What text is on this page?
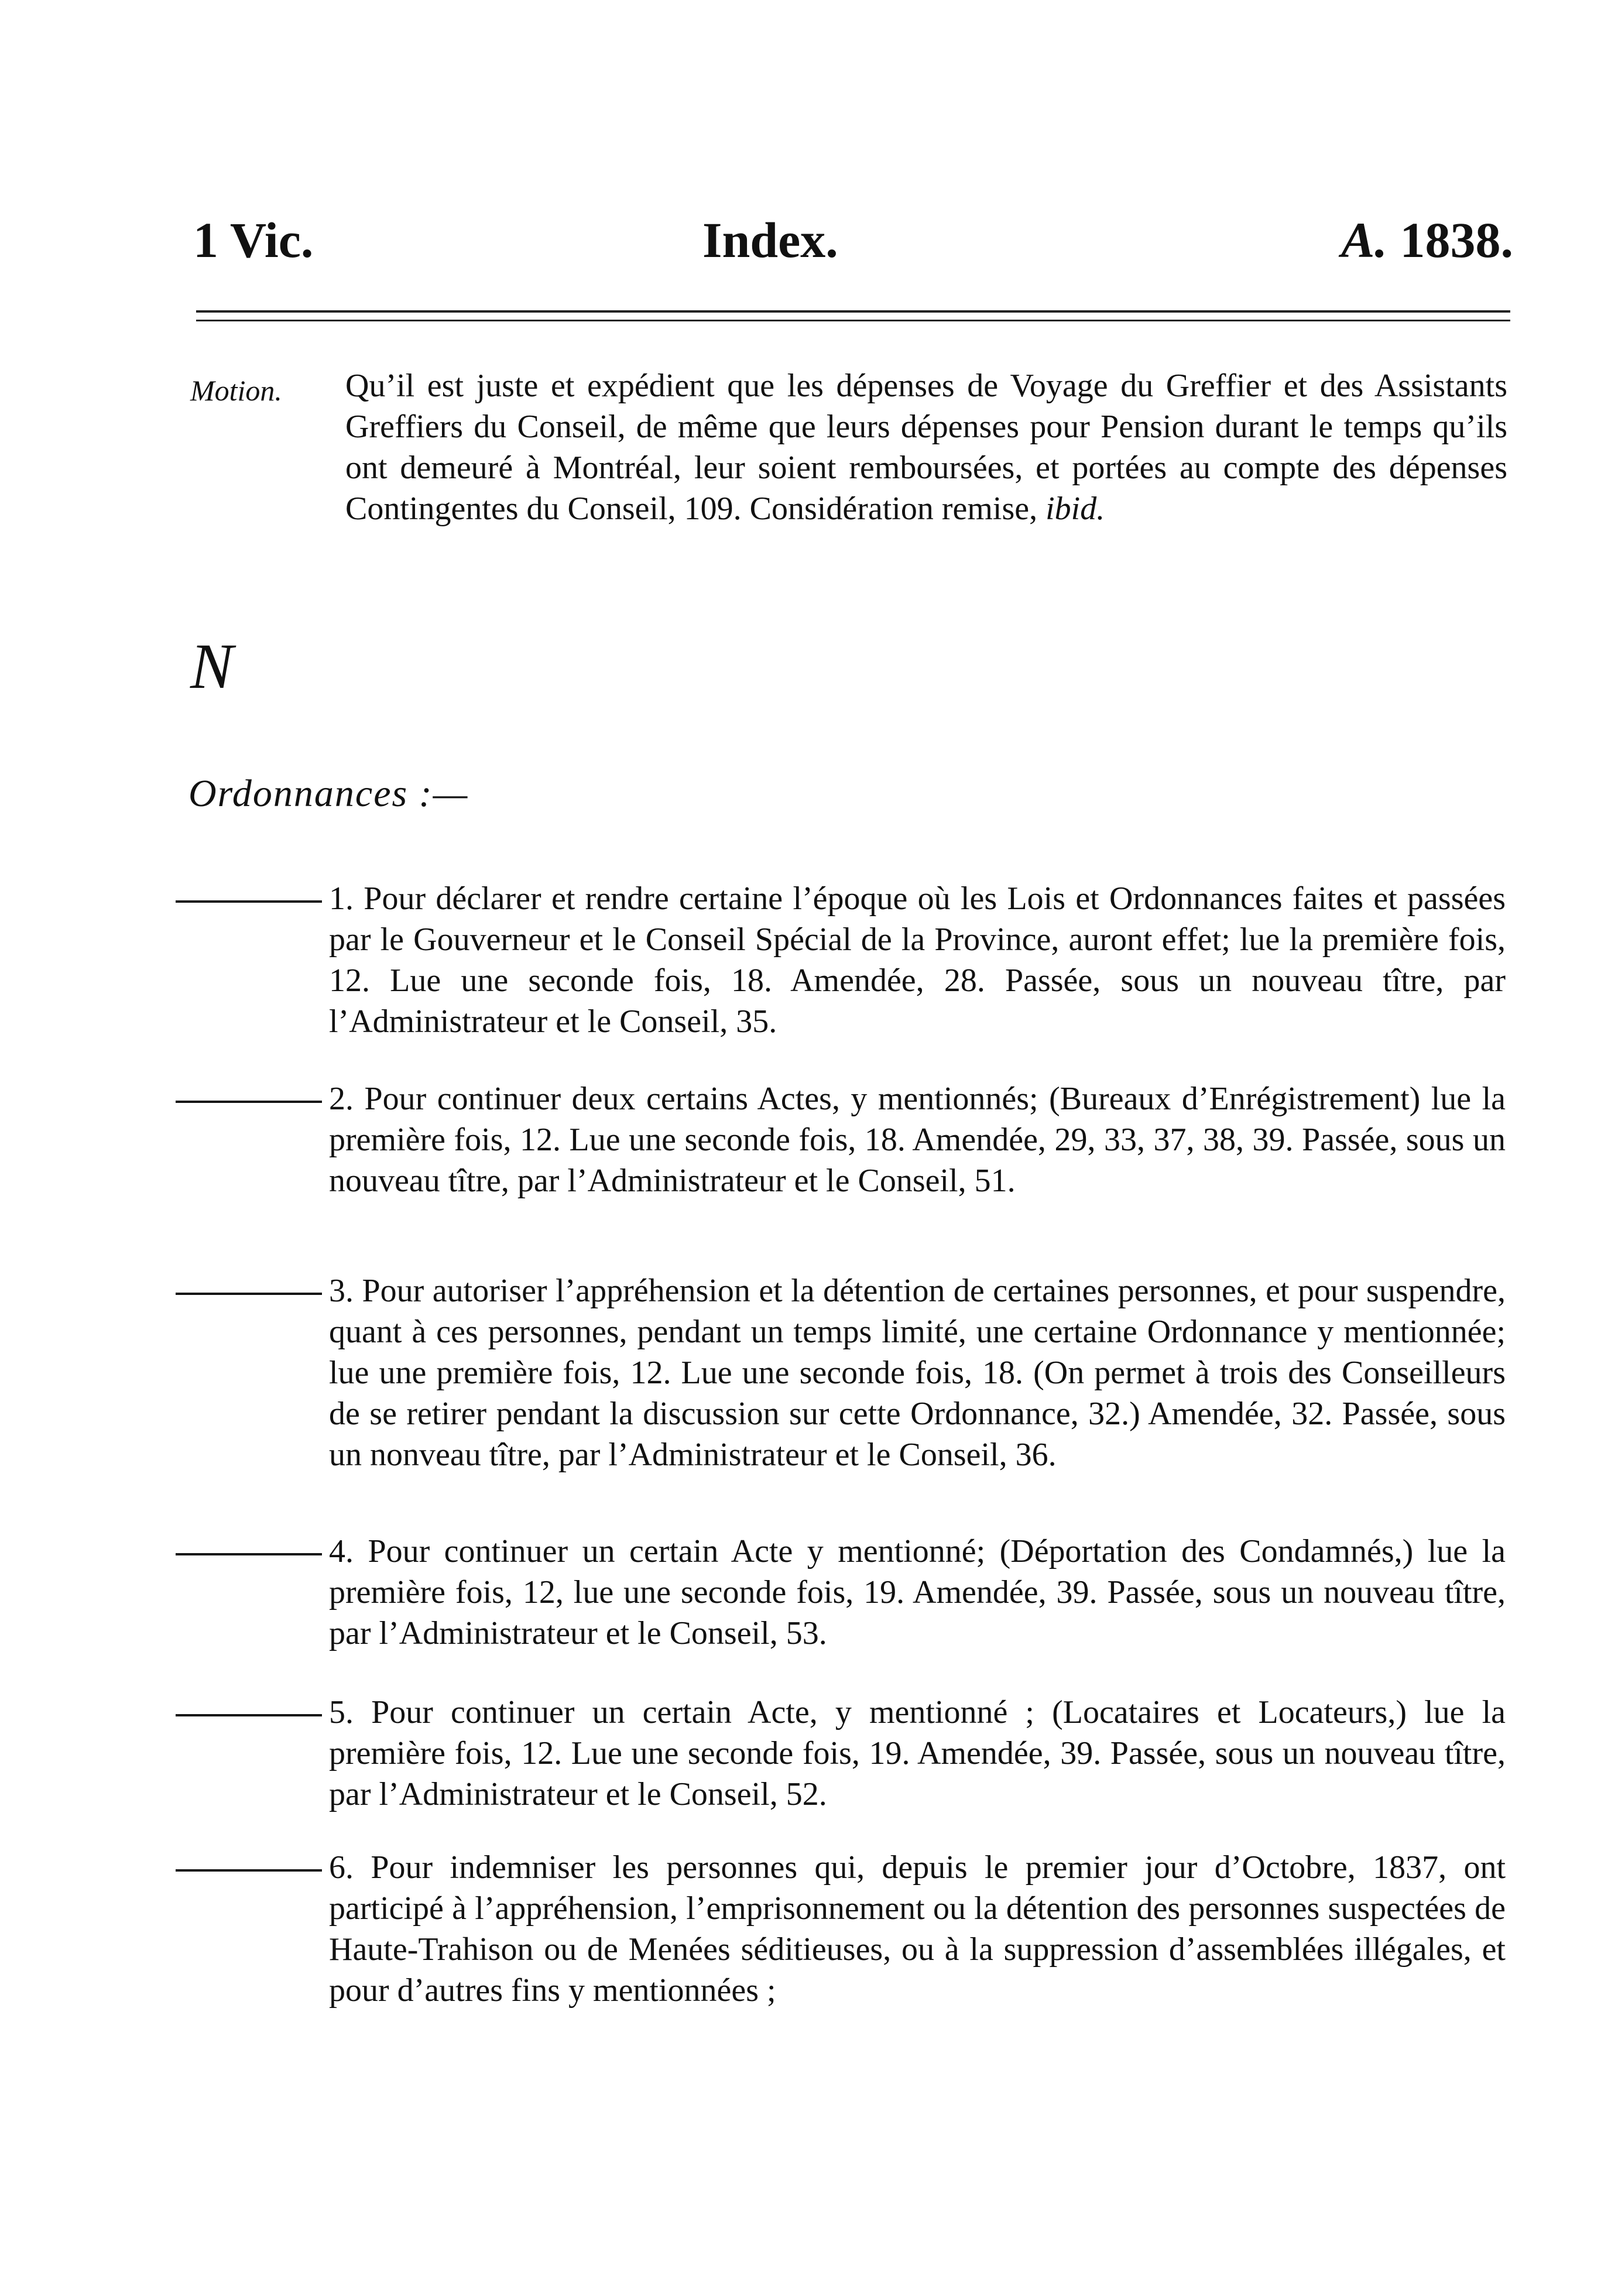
1 Vic.	Index.	A. 1838.
Motion. Qu’il est juste et expédient que les dépenses de Voyage du Greffier et des Assistants Greffiers du Conseil, de même que leurs dépenses pour Pension durant le temps qu’ils ont demeuré à Montréal, leur soient remboursées, et portées au compte des dépenses Contingentes du Conseil, 109. Considération remise, ibid.
N
Ordonnances :—
1. Pour déclarer et rendre certaine l’époque où les Lois et Ordonnances faites et passées par le Gouverneur et le Conseil Spécial de la Province, auront effet; lue la première fois, 12. Lue une seconde fois, 18. Amendée, 28. Passée, sous un nouveau tître, par l’Administrateur et le Conseil, 35.
2. Pour continuer deux certains Actes, y mentionnés; (Bureaux d’Enrégistrement) lue la première fois, 12. Lue une seconde fois, 18. Amendée, 29, 33, 37, 38, 39. Passée, sous un nouveau tître, par l’Administrateur et le Conseil, 51.
3. Pour autoriser l’appréhension et la détention de certaines personnes, et pour suspendre, quant à ces personnes, pendant un temps limité, une certaine Ordonnance y mentionnée; lue une première fois, 12. Lue une seconde fois, 18. (On permet à trois des Conseilleurs de se retirer pendant la discussion sur cette Ordonnance, 32.) Amendée, 32. Passée, sous un nonveau tître, par l’Administrateur et le Conseil, 36.
4. Pour continuer un certain Acte y mentionné; (Déportation des Condamnés,) lue la première fois, 12, lue une seconde fois, 19. Amendée, 39. Passée, sous un nouveau tître, par l’Administrateur et le Conseil, 53.
5. Pour continuer un certain Acte, y mentionné ; (Locataires et Locateurs,) lue la première fois, 12. Lue une seconde fois, 19. Amendée, 39. Passée, sous un nouveau tître, par l’Administrateur et le Conseil, 52.
6. Pour indemniser les personnes qui, depuis le premier jour d’Octobre, 1837, ont participé à l’appréhension, l’emprisonnement ou la détention des personnes suspectées de Haute-Trahison ou de Menées séditieuses, ou à la suppression d’assemblées illégales, et pour d’autres fins y mentionnées ;
